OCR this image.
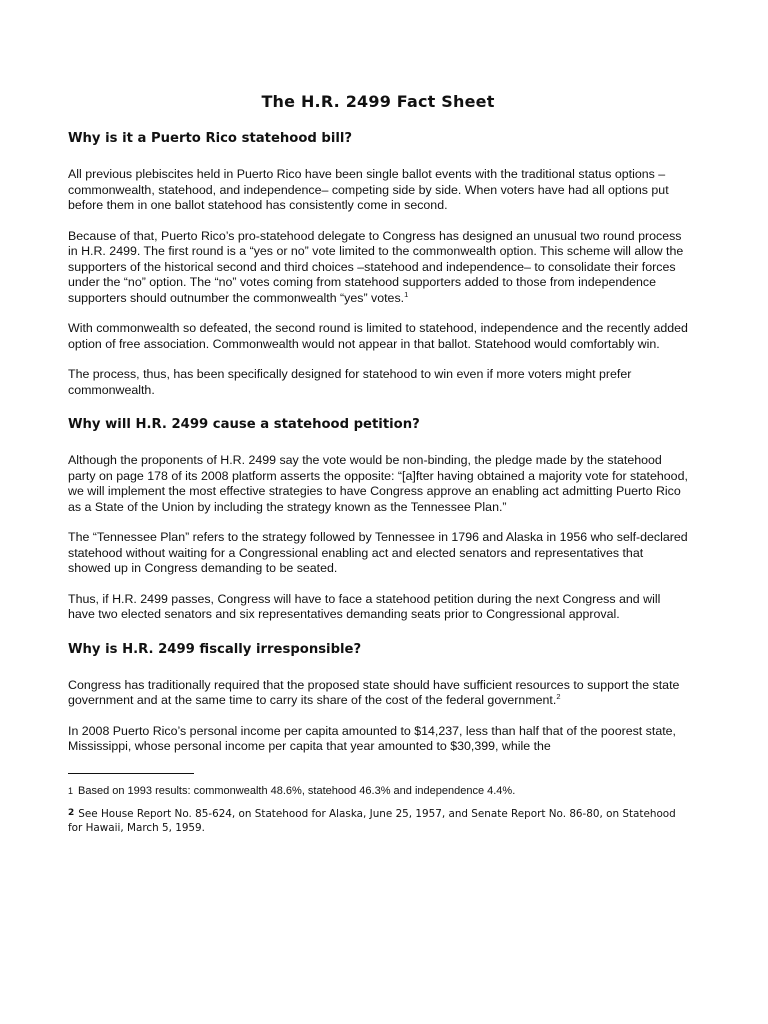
The H.R. 2499 Fact Sheet
Why is it a Puerto Rico statehood bill?

All previous plebiscites held in Puerto Rico have been single ballot events with the traditional status options – commonwealth, statehood, and independence– competing side by side. When voters have had all options put before them in one ballot statehood has consistently come in second.

Because of that, Puerto Rico’s pro-statehood delegate to Congress has designed an unusual two round process in H.R. 2499. The first round is a “yes or no” vote limited to the commonwealth option. This scheme will allow the supporters of the historical second and third choices –statehood and independence– to consolidate their forces under the “no” option. The “no” votes coming from statehood supporters added to those from independence supporters should outnumber the commonwealth “yes” votes.$^1$

With commonwealth so defeated, the second round is limited to statehood, independence and the recently added option of free association. Commonwealth would not appear in that ballot. Statehood would comfortably win.

The process, thus, has been specifically designed for statehood to win even if more voters might prefer commonwealth.

Why will H.R. 2499 cause a statehood petition?

Although the proponents of H.R. 2499 say the vote would be non-binding, the pledge made by the statehood party on page 178 of its 2008 platform asserts the opposite: “[a]fter having obtained a majority vote for statehood, we will implement the most effective strategies to have Congress approve an enabling act admitting Puerto Rico as a State of the Union by including the strategy known as the Tennessee Plan.”

The “Tennessee Plan” refers to the strategy followed by Tennessee in 1796 and Alaska in 1956 who self-declared statehood without waiting for a Congressional enabling act and elected senators and representatives that showed up in Congress demanding to be seated.

Thus, if H.R. 2499 passes, Congress will have to face a statehood petition during the next Congress and will have two elected senators and six representatives demanding seats prior to Congressional approval.

Why is H.R. 2499 fiscally irresponsible?

Congress has traditionally required that the proposed state should have sufficient resources to support the state government and at the same time to carry its share of the cost of the federal government.$^2$

In 2008 Puerto Rico’s personal income per capita amounted to $14,237, less than half that of the poorest state, Mississippi, whose personal income per capita that year amounted to $30,399, while the

1 Based on 1993 results: commonwealth 48.6%, statehood 46.3% and independence 4.4%.

2 See House Report No. 85-624, on Statehood for Alaska, June 25, 1957, and Senate Report No. 86-80, on Statehood for Hawaii, March 5, 1959.
